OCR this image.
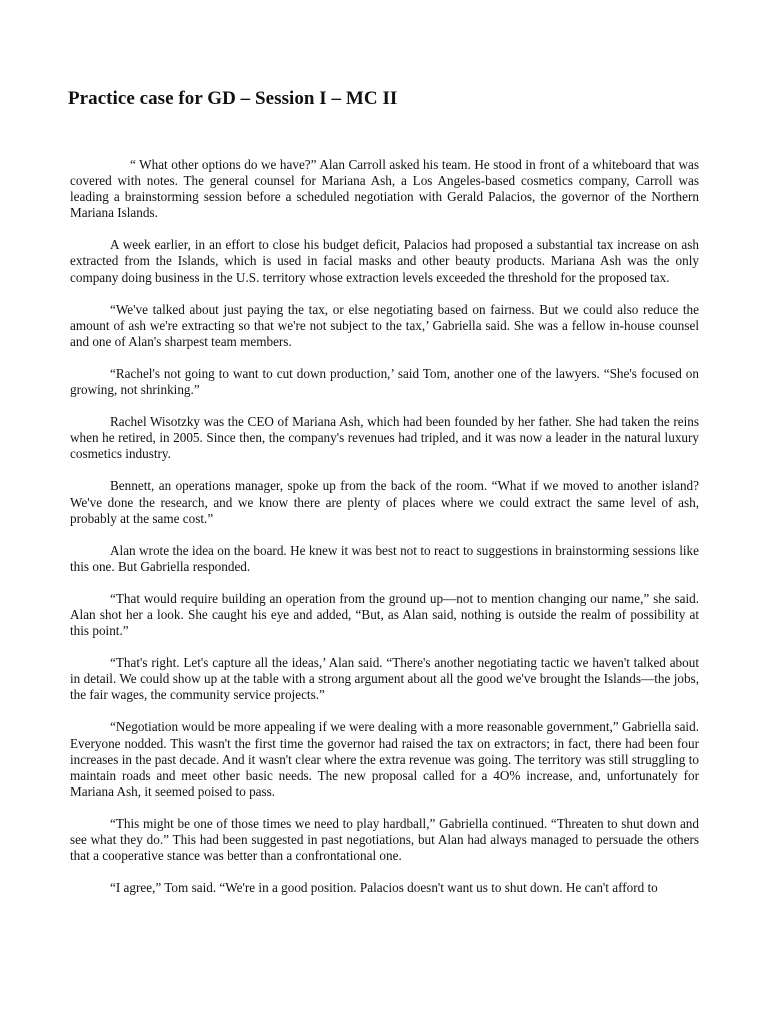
Practice case for GD – Session I – MC II

“ What other options do we have?” Alan Carroll asked his team. He stood in front of a whiteboard that was covered with notes. The general counsel for Mariana Ash, a Los Angeles-based cosmetics company, Carroll was leading a brainstorming session before a scheduled negotiation with Gerald Palacios, the governor of the Northern Mariana Islands.

A week earlier, in an effort to close his budget deficit, Palacios had proposed a substantial tax increase on ash extracted from the Islands, which is used in facial masks and other beauty products. Mariana Ash was the only company doing business in the U.S. territory whose extraction levels exceeded the threshold for the proposed tax.

“We've talked about just paying the tax, or else negotiating based on fairness. But we could also reduce the amount of ash we're extracting so that we're not subject to the tax,’ Gabriella said. She was a fellow in-house counsel and one of Alan's sharpest team members.

“Rachel's not going to want to cut down production,’ said Tom, another one of the lawyers. “She's focused on growing, not shrinking.”

Rachel Wisotzky was the CEO of Mariana Ash, which had been founded by her father. She had taken the reins when he retired, in 2005. Since then, the company's revenues had tripled, and it was now a leader in the natural luxury cosmetics industry.

Bennett, an operations manager, spoke up from the back of the room. “What if we moved to another island? We've done the research, and we know there are plenty of places where we could extract the same level of ash, probably at the same cost.”

Alan wrote the idea on the board. He knew it was best not to react to suggestions in brainstorming sessions like this one. But Gabriella responded.

“That would require building an operation from the ground up—not to mention changing our name,” she said. Alan shot her a look. She caught his eye and added, “But, as Alan said, nothing is outside the realm of possibility at this point.”

“That's right. Let's capture all the ideas,’ Alan said. “There's another negotiating tactic we haven't talked about in detail. We could show up at the table with a strong argument about all the good we've brought the Islands—the jobs, the fair wages, the community service projects.”

“Negotiation would be more appealing if we were dealing with a more reasonable government,” Gabriella said. Everyone nodded. This wasn't the first time the governor had raised the tax on extractors; in fact, there had been four increases in the past decade. And it wasn't clear where the extra revenue was going. The territory was still struggling to maintain roads and meet other basic needs. The new proposal called for a 4O% increase, and, unfortunately for Mariana Ash, it seemed poised to pass.

“This might be one of those times we need to play hardball,” Gabriella continued. “Threaten to shut down and see what they do.” This had been suggested in past negotiations, but Alan had always managed to persuade the others that a cooperative stance was better than a confrontational one.

“I agree,” Tom said. “We're in a good position. Palacios doesn't want us to shut down. He can't afford to
